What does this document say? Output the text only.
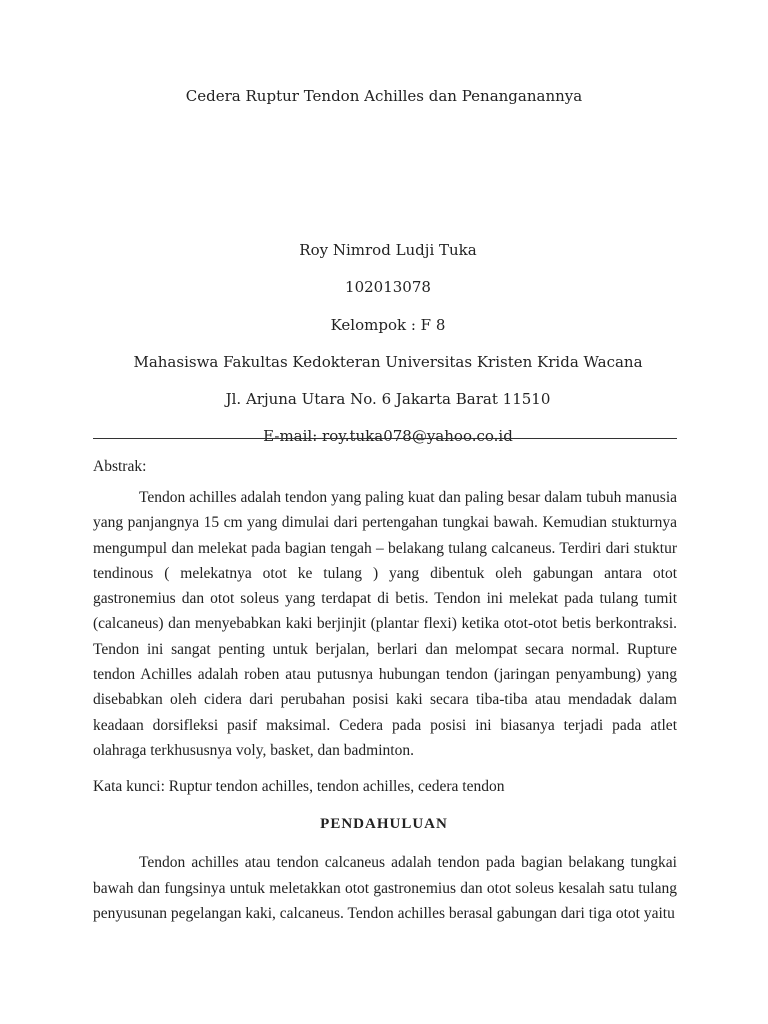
Cedera Ruptur Tendon Achilles dan Penanganannya
Roy Nimrod Ludji Tuka
102013078
Kelompok : F 8
Mahasiswa Fakultas Kedokteran Universitas Kristen Krida Wacana
Jl. Arjuna Utara No. 6 Jakarta Barat 11510
E-mail: roy.tuka078@yahoo.co.id
Abstrak:

Tendon achilles adalah tendon yang paling kuat dan paling besar dalam tubuh manusia yang panjangnya 15 cm yang dimulai dari pertengahan tungkai bawah. Kemudian stukturnya mengumpul dan melekat pada bagian tengah – belakang tulang calcaneus. Terdiri dari stuktur tendinous ( melekatnya otot ke tulang ) yang dibentuk oleh gabungan antara otot gastronemius dan otot soleus yang terdapat di betis. Tendon ini melekat pada tulang tumit (calcaneus) dan menyebabkan kaki berjinjit (plantar flexi) ketika otot-otot betis berkontraksi. Tendon ini sangat penting untuk berjalan, berlari dan melompat secara normal. Rupture tendon Achilles adalah roben atau putusnya hubungan tendon (jaringan penyambung) yang disebabkan oleh cidera dari perubahan posisi kaki secara tiba-tiba atau mendadak dalam keadaan dorsifleksi pasif maksimal. Cedera pada posisi ini biasanya terjadi pada atlet olahraga terkhususnya voly, basket, dan badminton.

Kata kunci: Ruptur tendon achilles, tendon achilles, cedera tendon
PENDAHULUAN

Tendon achilles atau tendon calcaneus adalah tendon pada bagian belakang tungkai bawah dan fungsinya untuk meletakkan otot gastronemius dan otot soleus kesalah satu tulang penyusunan pegelangan kaki, calcaneus. Tendon achilles berasal gabungan dari tiga otot yaitu
